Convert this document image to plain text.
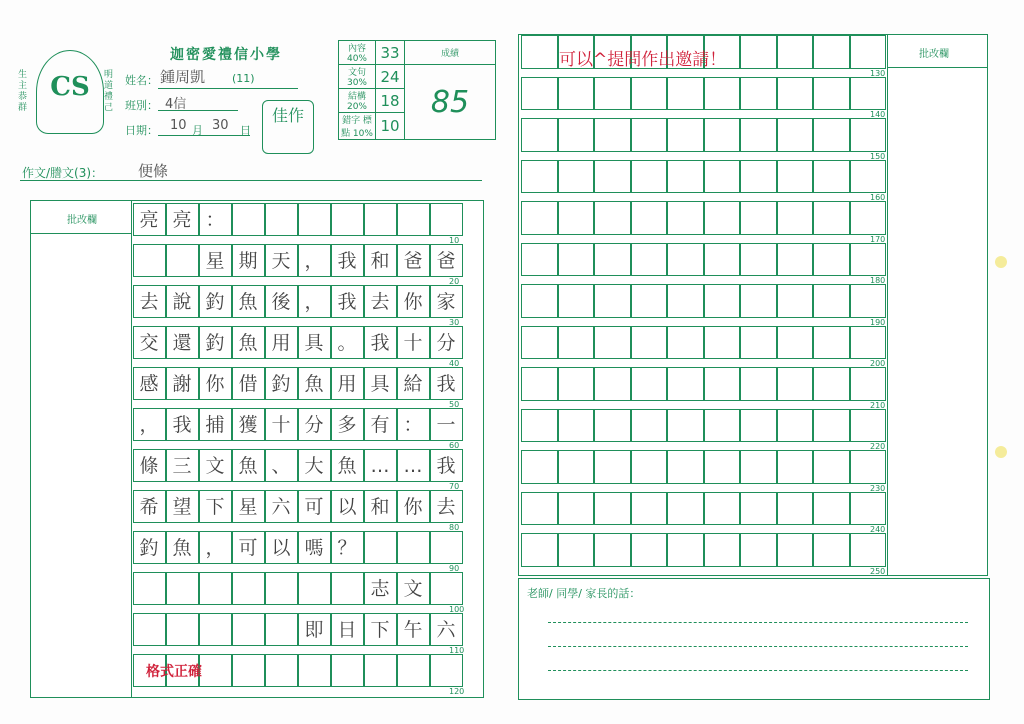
CS
生主恭群
明道禮己
迦密愛禮信小學
姓名： 鍾周凱 (11)
班別： 4信
日期： 10 月 30 日
佳作
內容 40%	33	成績
文句 30%	24	85
結構 20%	18	
錯字 標點 10%	10	
作文/謄文(3)： 便條
批改欄 亮 亮 ：
10
星 期 天 ， 我 和 爸 爸
20
去 說 釣 魚 後 ， 我 去 你 家
30
交 還 釣 魚 用 具 。 我 十 分
40
感 謝 你 借 釣 魚 用 具 給 我
50
， 我 捕 獲 十 分 多 有 ： 一
60
條 三 文 魚 、 大 魚 … … 我
70
希 望 下 星 六 可 以 和 你 去
80
釣 魚 ， 可 以 嗎 ？
90
志 文
100
即 日 下 午 六
110
120
格式正確
批改欄
130
140
150
160
170
180
190
200
210
220
230
240
250
可以^提問作出邀請！
老師/ 同學/ 家長的話：
